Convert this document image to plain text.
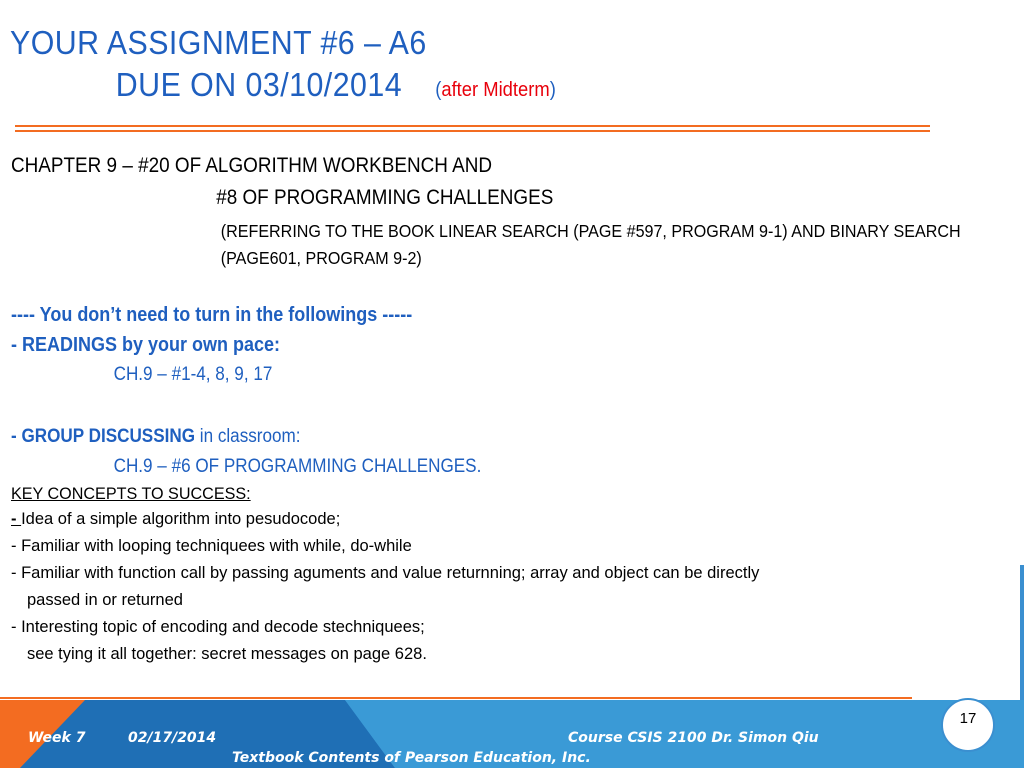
YOUR ASSIGNMENT #6 – A6
DUE ON 03/10/2014 (after Midterm)
CHAPTER 9 – #20 OF ALGORITHM WORKBENCH AND
#8 OF PROGRAMMING CHALLENGES
(REFERRING TO THE BOOK LINEAR SEARCH (PAGE #597, PROGRAM 9-1) AND BINARY SEARCH (PAGE601, PROGRAM 9-2)
---- You don’t need to turn in the followings -----
- READINGS by your own pace:
CH.9 – #1-4, 8, 9, 17
- GROUP DISCUSSING in classroom:
CH.9 – #6 OF PROGRAMMING CHALLENGES.
KEY CONCEPTS TO SUCCESS:
- Idea of a simple algorithm into pesudocode;
- Familiar with looping techniquees with while, do-while
- Familiar with function call by passing aguments and value returnning; array and object can be directly
passed in or returned
- Interesting topic of encoding and decode stechniquees;
see tying it all together: secret messages on page 628.
Week 7	02/17/2014	Course CSIS 2100 Dr. Simon Qiu
Textbook Contents of Pearson Education, Inc.
17
